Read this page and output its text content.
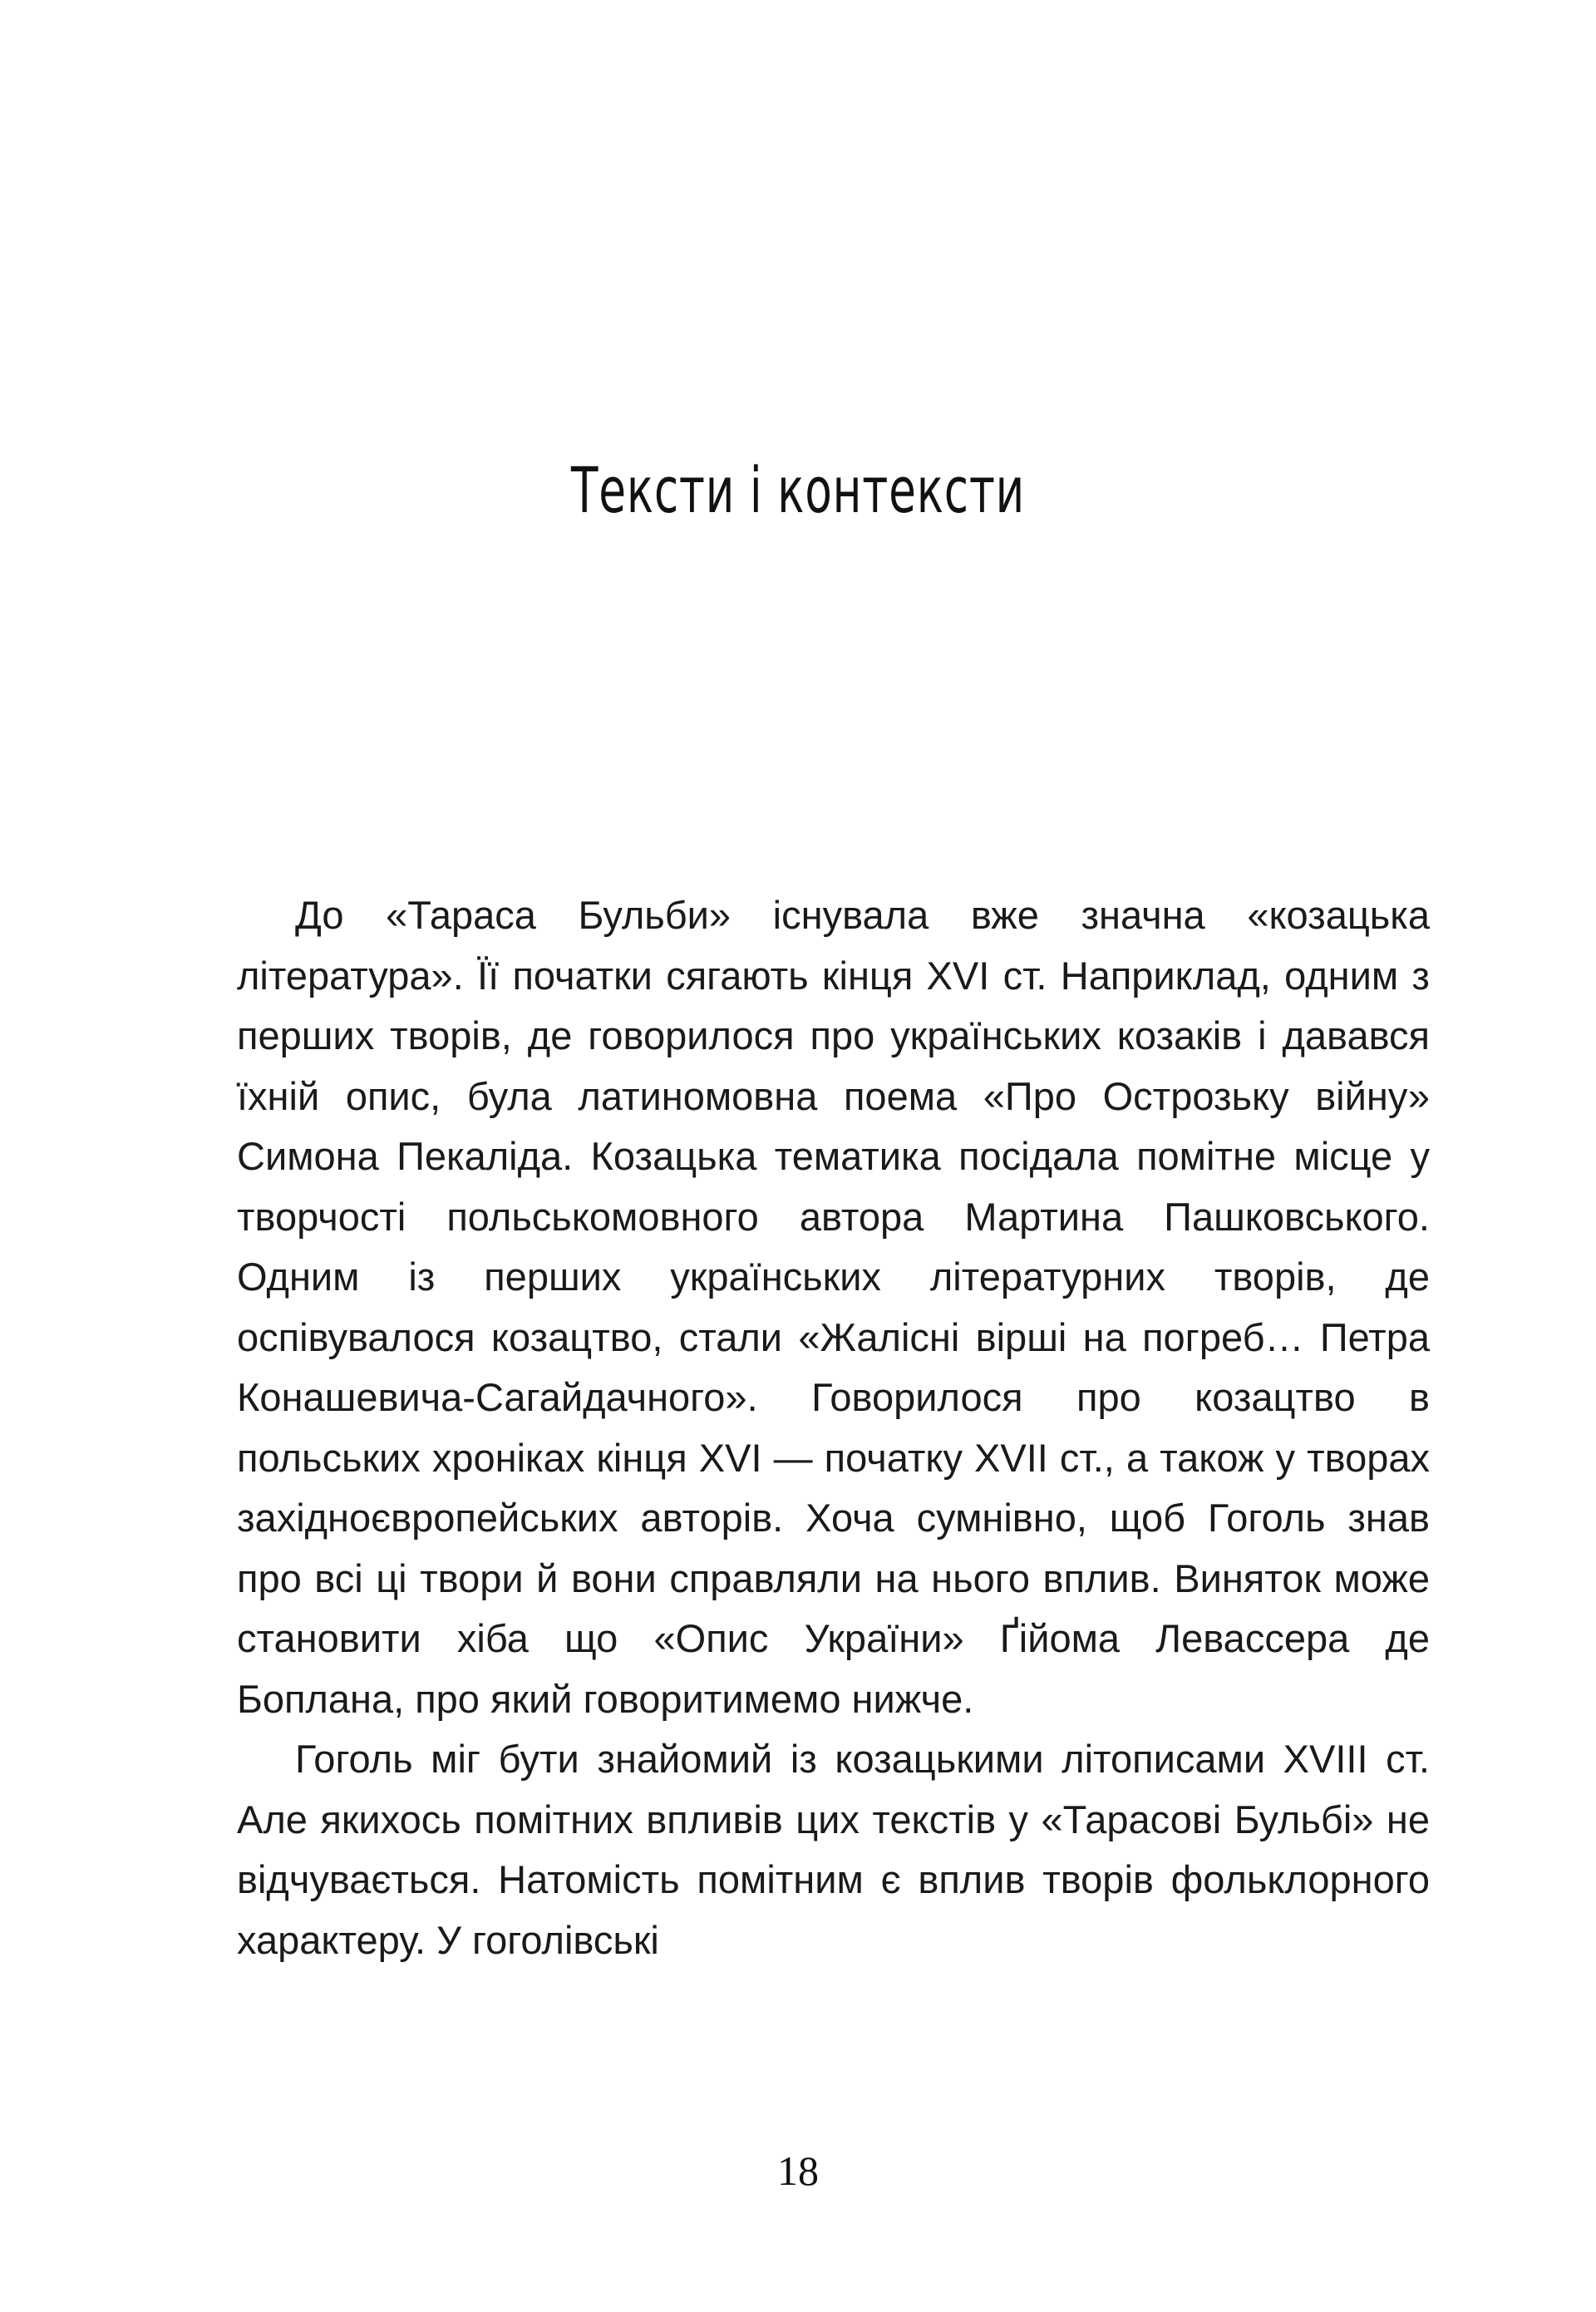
Тексти і контексти

До «Тараса Бульби» існувала вже значна «козацька література». Її початки сягають кінця XVI ст. Наприклад, одним з перших творів, де говорилося про українських козаків і давався їхній опис, була латиномовна поема «Про Острозьку війну» Симона Пекаліда. Козацька тематика посідала помітне місце у творчості польськомовного автора Мартина Пашковського. Одним із перших українських літературних творів, де оспівувалося козацтво, стали «Жалісні вірші на погреб… Петра Конашевича-Сагайдачного». Говорилося про козацтво в польських хроніках кінця XVI — початку XVII ст., а також у творах західноєвропейських авторів. Хоча сумнівно, щоб Гоголь знав про всі ці твори й вони справляли на нього вплив. Виняток може становити хіба що «Опис України» Ґійома Левассера де Боплана, про який говоритимемо нижче.

Гоголь міг бути знайомий із козацькими літописами XVIII ст. Але якихось помітних впливів цих текстів у «Тарасові Бульбі» не відчувається. Натомість помітним є вплив творів фольклорного характеру. У гоголівські

18
